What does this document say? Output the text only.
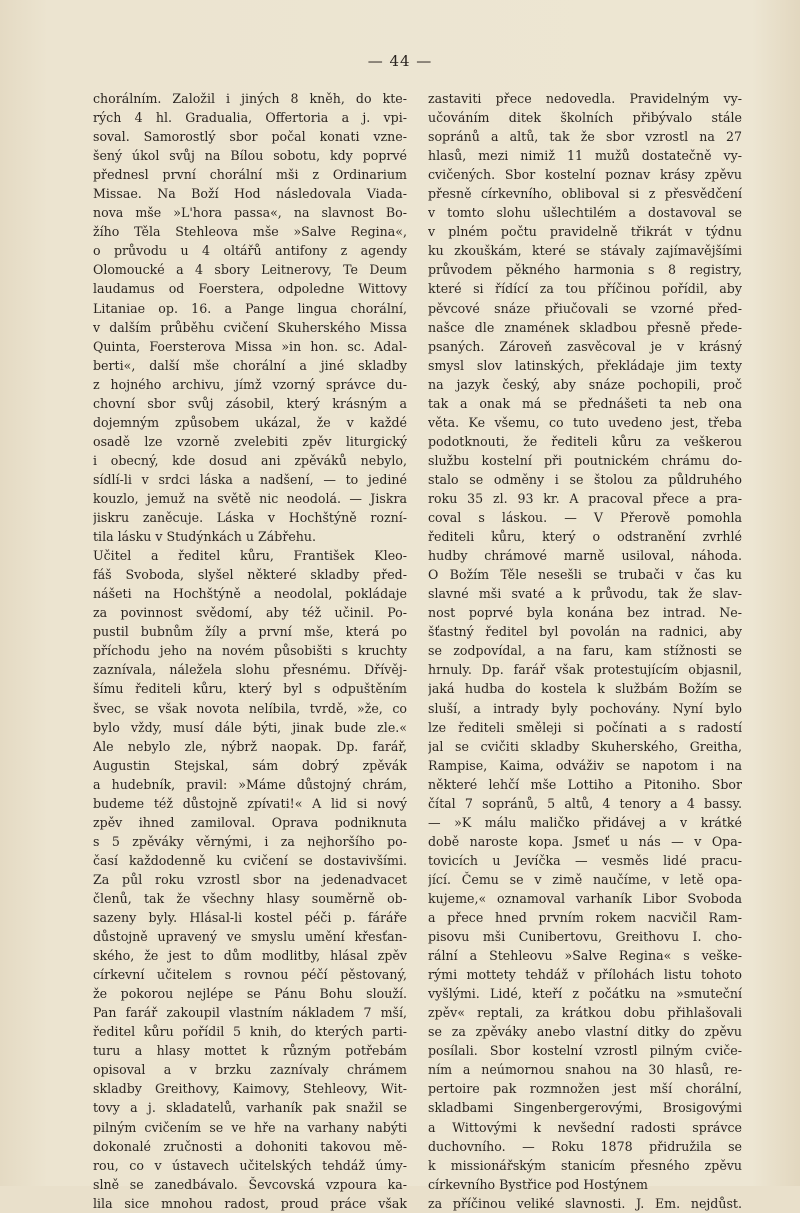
— 44 —
chorálním. Založil i jiných 8 kněh, do kte-
rých 4 hl. Gradualia, Offertoria a j. vpi-
soval. Samorostlý sbor počal konati vzne-
šený úkol svůj na Bílou sobotu, kdy poprvé
přednesl první chorální mši z Ordinarium
Missae. Na Boží Hod následovala Viada-
nova mše »L'hora passa«, na slavnost Bo-
žího Těla Stehleova mše »Salve Regina«,
o průvodu u 4 oltářů antifony z agendy
Olomoucké a 4 sbory Leitnerovy, Te Deum
laudamus od Foerstera, odpoledne Wittovy
Litaniae op. 16. a Pange lingua chorální,
v dalším průběhu cvičení Skuherského Missa
Quinta, Foersterova Missa »in hon. sc. Adal-
berti«, další mše chorální a jiné skladby
z hojného archivu, jímž vzorný správce du-
chovní sbor svůj zásobil, který krásným a
dojemným způsobem ukázal, že v každé
osadě lze vzorně zvelebiti zpěv liturgický
i obecný, kde dosud ani zpěváků nebylo,
sídlí-li v srdci láska a nadšení, — to jediné
kouzlo, jemuž na světě nic neodolá. — Jiskra
jiskru zaněcuje. Láska v Hochštýně rozní-
tila lásku v Studýnkách u Zábřehu.
Učitel a ředitel kůru, František Kleo-
fáš Svoboda, slyšel některé skladby před-
nášeti na Hochštýně a neodolal, pokládaje
za povinnost svědomí, aby též učinil. Po-
pustil bubnům žíly a první mše, která po
příchodu jeho na novém působišti s kruchty
zaznívala, náležela slohu přesnému. Dřívěj-
šímu řediteli kůru, který byl s odpuštěním
švec, se však novota nelíbila, tvrdě, »že, co
bylo vždy, musí dále býti, jinak bude zle.«
Ale nebylo zle, nýbrž naopak. Dp. farář,
Augustin Stejskal, sám dobrý zpěvák
a hudebník, pravil: »Máme důstojný chrám,
budeme též důstojně zpívati!« A lid si nový
zpěv ihned zamiloval. Oprava podniknuta
s 5 zpěváky věrnými, i za nejhoršího po-
časí každodenně ku cvičení se dostavivšími.
Za půl roku vzrostl sbor na jedenadvacet
členů, tak že všechny hlasy souměrně ob-
sazeny byly. Hlásal-li kostel péči p. fáráře
důstojně upravený ve smyslu umění křesťan-
ského, že jest to dům modlitby, hlásal zpěv
církevní učitelem s rovnou péčí pěstovaný,
že pokorou nejlépe se Pánu Bohu slouží.
Pan farář zakoupil vlastním nákladem 7 mší,
ředitel kůru pořídil 5 knih, do kterých parti-
turu a hlasy mottet k různým potřebám
opisoval a v brzku zaznívaly chrámem
skladby Greithovy, Kaimovy, Stehleovy, Wit-
tovy a j. skladatelů, varhaník pak snažil se
pilným cvičením se ve hře na varhany nabýti
dokonalé zručnosti a dohoniti takovou mě-
rou, co v ústavech učitelských tehdáž úmy-
slně se zanedbávalo. Ševcovská vzpoura ka-
lila sice mnohou radost, proud práce však
zastaviti přece nedovedla. Pravidelným vy-
učováním ditek školních přibývalo stále
sopránů a altů, tak že sbor vzrostl na 27
hlasů, mezi nimiž 11 mužů dostatečně vy-
cvičených. Sbor kostelní poznav krásy zpěvu
přesně církevního, obliboval si z přesvědčení
v tomto slohu ušlechtilém a dostavoval se
v plném počtu pravidelně třikrát v týdnu
ku zkouškám, které se stávaly zajímavějšími
průvodem pěkného harmonia s 8 registry,
které si řídící za tou příčinou pořídil, aby
pěvcové snáze přiučovali se vzorné před-
našce dle znamének skladbou přesně přede-
psaných. Zároveň zasvěcoval je v krásný
smysl slov latinských, překládaje jim texty
na jazyk český, aby snáze pochopili, proč
tak a onak má se přednášeti ta neb ona
věta. Ke všemu, co tuto uvedeno jest, třeba
podotknouti, že řediteli kůru za veškerou
službu kostelní při poutnickém chrámu do-
stalo se odměny i se štolou za půldruhého
roku 35 zl. 93 kr. A pracoval přece a pra-
coval s láskou. — V Přerově pomohla
řediteli kůru, který o odstranění zvrhlé
hudby chrámové marně usiloval, náhoda.
O Božím Těle nesešli se trubači v čas ku
slavné mši svaté a k průvodu, tak že slav-
nost poprvé byla konána bez intrad. Ne-
šťastný ředitel byl povolán na radnici, aby
se zodpovídal, a na faru, kam stížnosti se
hrnuly. Dp. farář však protestujícím objasnil,
jaká hudba do kostela k službám Božím se
sluší, a intrady byly pochovány. Nyní bylo
lze řediteli směleji si počínati a s radostí
jal se cvičiti skladby Skuherského, Greitha,
Rampise, Kaima, odváživ se napotom i na
některé lehčí mše Lottiho a Pitoniho. Sbor
čítal 7 sopránů, 5 altů, 4 tenory a 4 bassy.
— »K málu maličko přidávej a v krátké
době naroste kopa. Jsmeť u nás — v Opa-
tovicích u Jevíčka — vesměs lidé pracu-
jící. Čemu se v zimě naučíme, v letě opa-
kujeme,« oznamoval varhaník Libor Svoboda
a přece hned prvním rokem nacvičil Ram-
pisovu mši Cunibertovu, Greithovu I. cho-
rální a Stehleovu »Salve Regina« s veške-
rými mottety tehdáž v přílohách listu tohoto
vyšlými. Lidé, kteří z počátku na »smuteční
zpěv« reptali, za krátkou dobu přihlašovali
se za zpěváky anebo vlastní ditky do zpěvu
posílali. Sbor kostelní vzrostl pilným cviče-
ním a neúmornou snahou na 30 hlasů, re-
pertoire pak rozmnožen jest mší chorální,
skladbami Singenbergerovými, Brosigovými
a Wittovými k nevšední radosti správce
duchovního. — Roku 1878 přidružila se
k missionářským stanicím přesného zpěvu
církevního Bystřice pod Hostýnem
za příčinou veliké slavnosti. J. Em. nejdůst.
